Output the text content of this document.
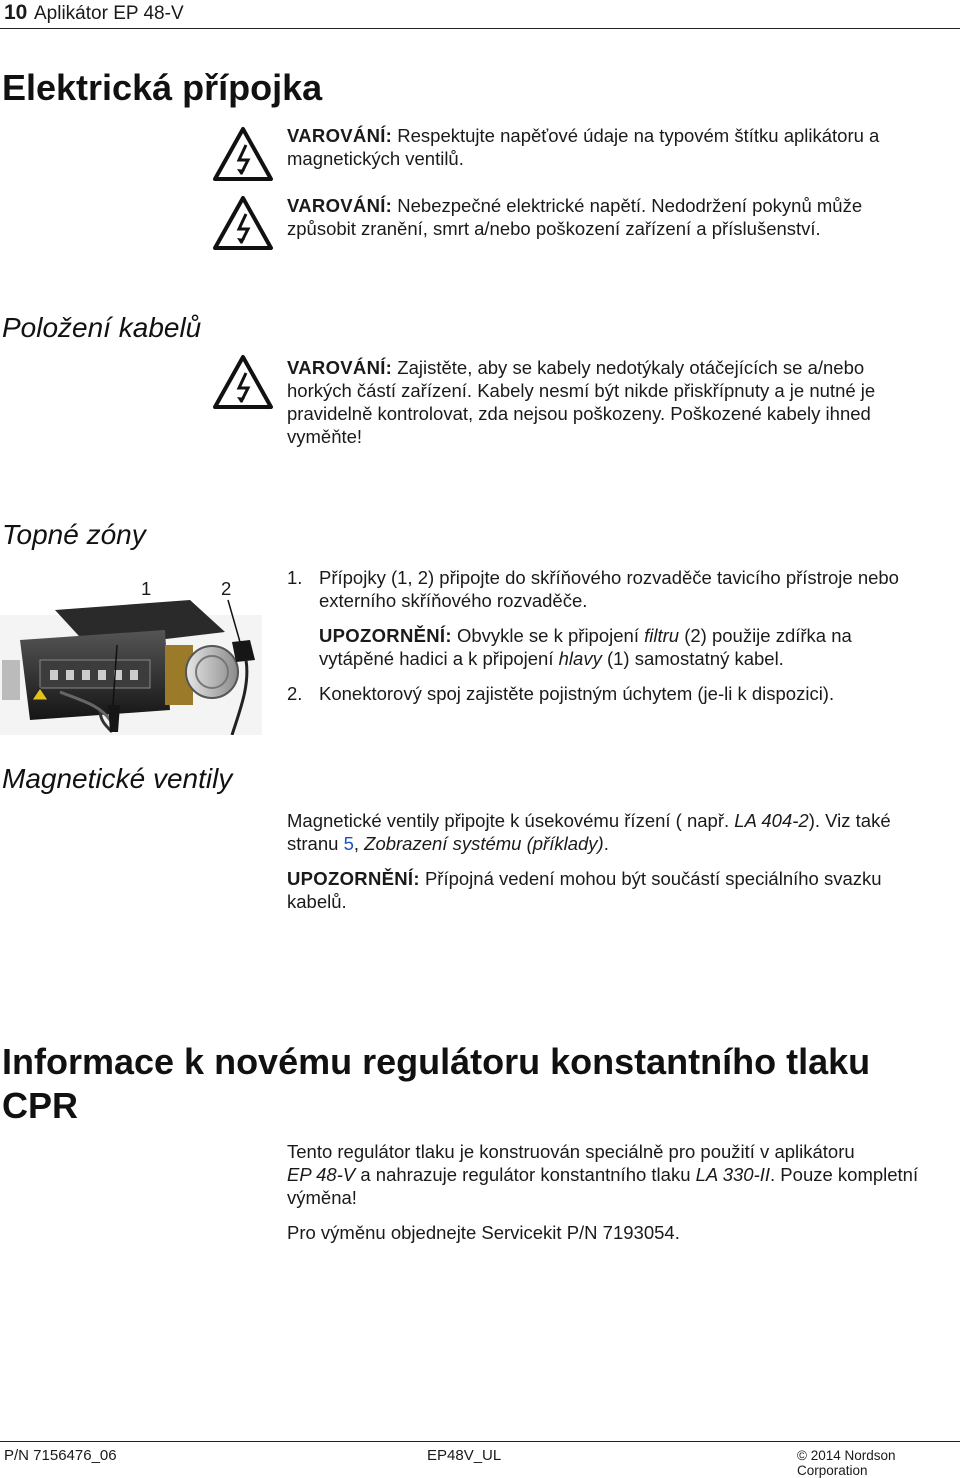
10 Aplikátor EP 48-V
Elektrická přípojka
VAROVÁNÍ: Respektujte napěťové údaje na typovém štítku aplikátoru a
magnetických ventilů.
VAROVÁNÍ: Nebezpečné elektrické napětí. Nedodržení pokynů může
způsobit zranění, smrt a/nebo poškození zařízení a příslušenství.
Položení kabelů
VAROVÁNÍ: Zajistěte, aby se kabely nedotýkaly otáčejících se a/nebo
horkých částí zařízení. Kabely nesmí být nikde přiskřípnuty a je nutné je
pravidelně kontrolovat, zda nejsou poškozeny. Poškozené kabely ihned
vyměňte!
Topné zóny
1	2
1. Přípojky (1, 2) připojte do skříňového rozvaděče tavicího přístroje nebo
externího skříňového rozvaděče.
UPOZORNĚNÍ: Obvykle se k připojení filtru (2) použije zdířka na
vytápěné hadici a k připojení hlavy (1) samostatný kabel.
2. Konektorový spoj zajistěte pojistným úchytem (je-li k dispozici).
Magnetické ventily
Magnetické ventily připojte k úsekovému řízení ( např. LA 404-2). Viz také
stranu 5, Zobrazení systému (příklady).
UPOZORNĚNÍ: Přípojná vedení mohou být součástí speciálního svazku
kabelů.
Informace k novému regulátoru konstantního tlaku
CPR
Tento regulátor tlaku je konstruován speciálně pro použití v aplikátoru
EP 48-V a nahrazuje regulátor konstantního tlaku LA 330-II. Pouze kompletní
výměna!
Pro výměnu objednejte Servicekit P/N 7193054.
P/N 7156476_06	EP48V_UL	© 2014 Nordson Corporation
